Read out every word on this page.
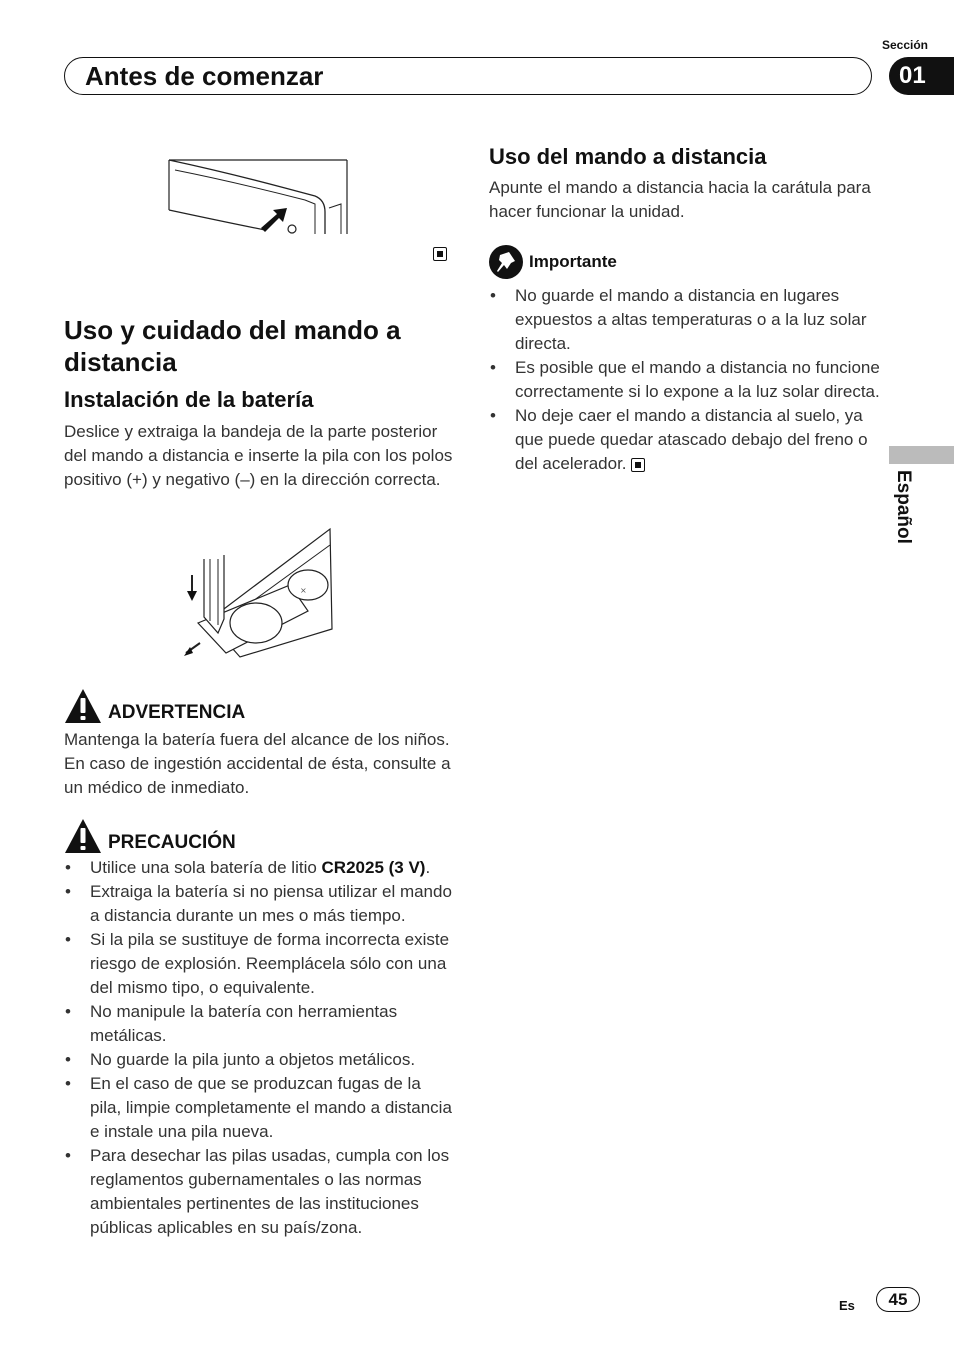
Sección
Antes de comenzar	01
Español
Uso y cuidado del mando a distancia
Instalación de la batería

Deslice y extraiga la bandeja de la parte posterior del mando a distancia e inserte la pila con los polos positivo (+) y negativo (–) en la dirección correcta.

×
ADVERTENCIA

Mantenga la batería fuera del alcance de los niños. En caso de ingestión accidental de ésta, consulte a un médico de inmediato.

PRECAUCIÓN
• Utilice una sola batería de litio CR2025 (3 V).
• Extraiga la batería si no piensa utilizar el mando a distancia durante un mes o más tiempo.
• Si la pila se sustituye de forma incorrecta existe riesgo de explosión. Reemplácela sólo con una del mismo tipo, o equivalente.
• No manipule la batería con herramientas metálicas.
• No guarde la pila junto a objetos metálicos.
• En el caso de que se produzcan fugas de la pila, limpie completamente el mando a distancia e instale una pila nueva.
• Para desechar las pilas usadas, cumpla con los reglamentos gubernamentales o las normas ambientales pertinentes de las instituciones públicas aplicables en su país/zona.
Uso del mando a distancia

Apunte el mando a distancia hacia la carátula para hacer funcionar la unidad.

Importante
• No guarde el mando a distancia en lugares expuestos a altas temperaturas o a la luz solar directa.
• Es posible que el mando a distancia no funcione correctamente si lo expone a la luz solar directa.
• No deje caer el mando a distancia al suelo, ya que puede quedar atascado debajo del freno o del acelerador.
Es	45
